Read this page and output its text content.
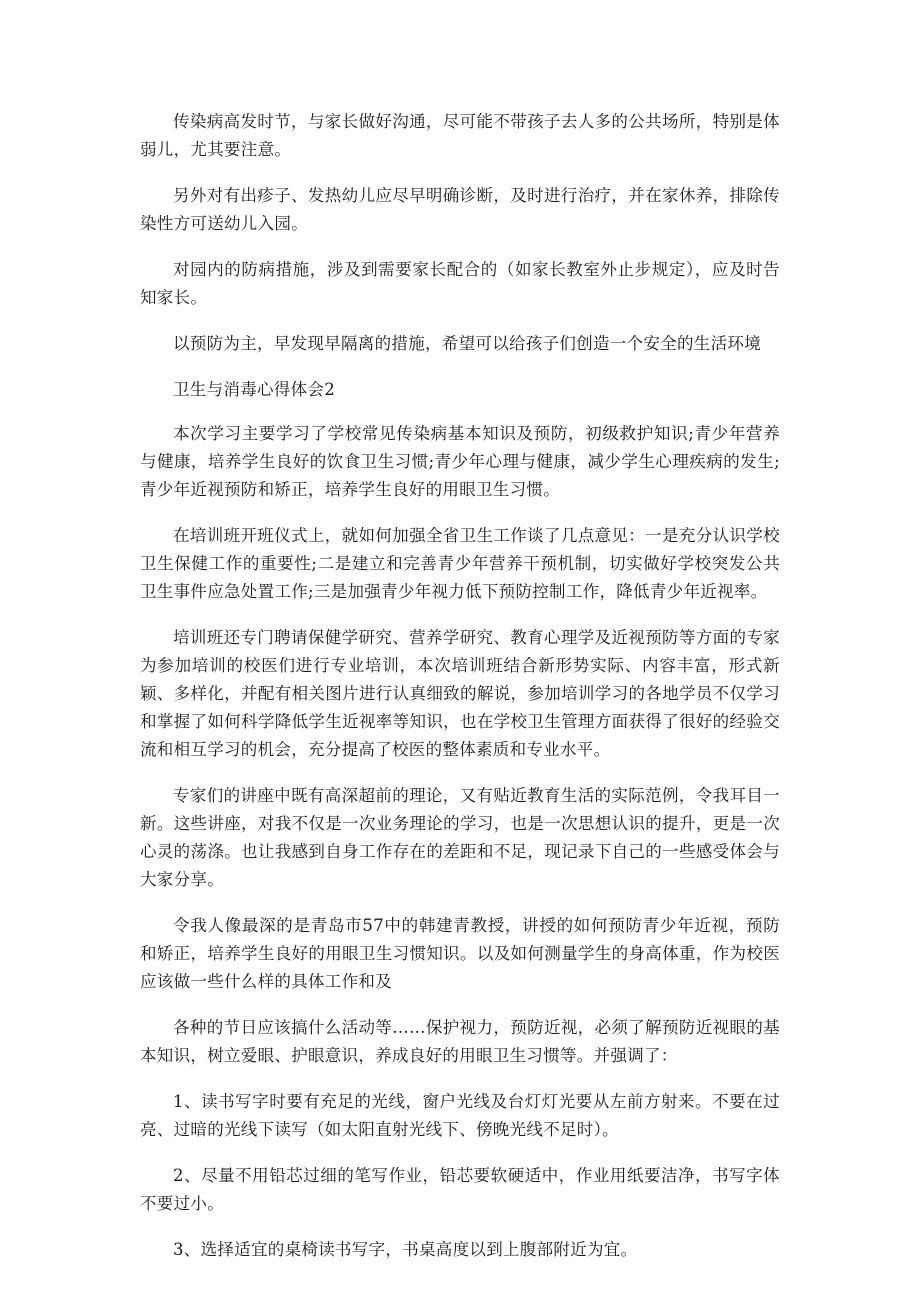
传染病高发时节，与家长做好沟通，尽可能不带孩子去人多的公共场所，特别是体弱儿，尤其要注意。

另外对有出疹子、发热幼儿应尽早明确诊断，及时进行治疗，并在家休养，排除传染性方可送幼儿入园。

对园内的防病措施，涉及到需要家长配合的（如家长教室外止步规定），应及时告知家长。

以预防为主，早发现早隔离的措施，希望可以给孩子们创造一个安全的生活环境

卫生与消毒心得体会2

本次学习主要学习了学校常见传染病基本知识及预防，初级救护知识;青少年营养与健康，培养学生良好的饮食卫生习惯;青少年心理与健康，减少学生心理疾病的发生;青少年近视预防和矫正，培养学生良好的用眼卫生习惯。

在培训班开班仪式上，就如何加强全省卫生工作谈了几点意见：一是充分认识学校卫生保健工作的重要性;二是建立和完善青少年营养干预机制，切实做好学校突发公共卫生事件应急处置工作;三是加强青少年视力低下预防控制工作，降低青少年近视率。

培训班还专门聘请保健学研究、营养学研究、教育心理学及近视预防等方面的专家为参加培训的校医们进行专业培训，本次培训班结合新形势实际、内容丰富，形式新颖、多样化，并配有相关图片进行认真细致的解说，参加培训学习的各地学员不仅学习和掌握了如何科学降低学生近视率等知识，也在学校卫生管理方面获得了很好的经验交流和相互学习的机会，充分提高了校医的整体素质和专业水平。

专家们的讲座中既有高深超前的理论，又有贴近教育生活的实际范例，令我耳目一新。这些讲座，对我不仅是一次业务理论的学习，也是一次思想认识的提升，更是一次心灵的荡涤。也让我感到自身工作存在的差距和不足，现记录下自己的一些感受体会与大家分享。

令我人像最深的是青岛市57中的韩建青教授，讲授的如何预防青少年近视，预防和矫正，培养学生良好的用眼卫生习惯知识。以及如何测量学生的身高体重，作为校医应该做一些什么样的具体工作和及

各种的节日应该搞什么活动等……保护视力，预防近视，必须了解预防近视眼的基本知识，树立爱眼、护眼意识，养成良好的用眼卫生习惯等。并强调了：

1、读书写字时要有充足的光线，窗户光线及台灯灯光要从左前方射来。不要在过亮、过暗的光线下读写（如太阳直射光线下、傍晚光线不足时）。

2、尽量不用铅芯过细的笔写作业，铅芯要软硬适中，作业用纸要洁净，书写字体不要过小。

3、选择适宜的桌椅读书写字，书桌高度以到上腹部附近为宜。
